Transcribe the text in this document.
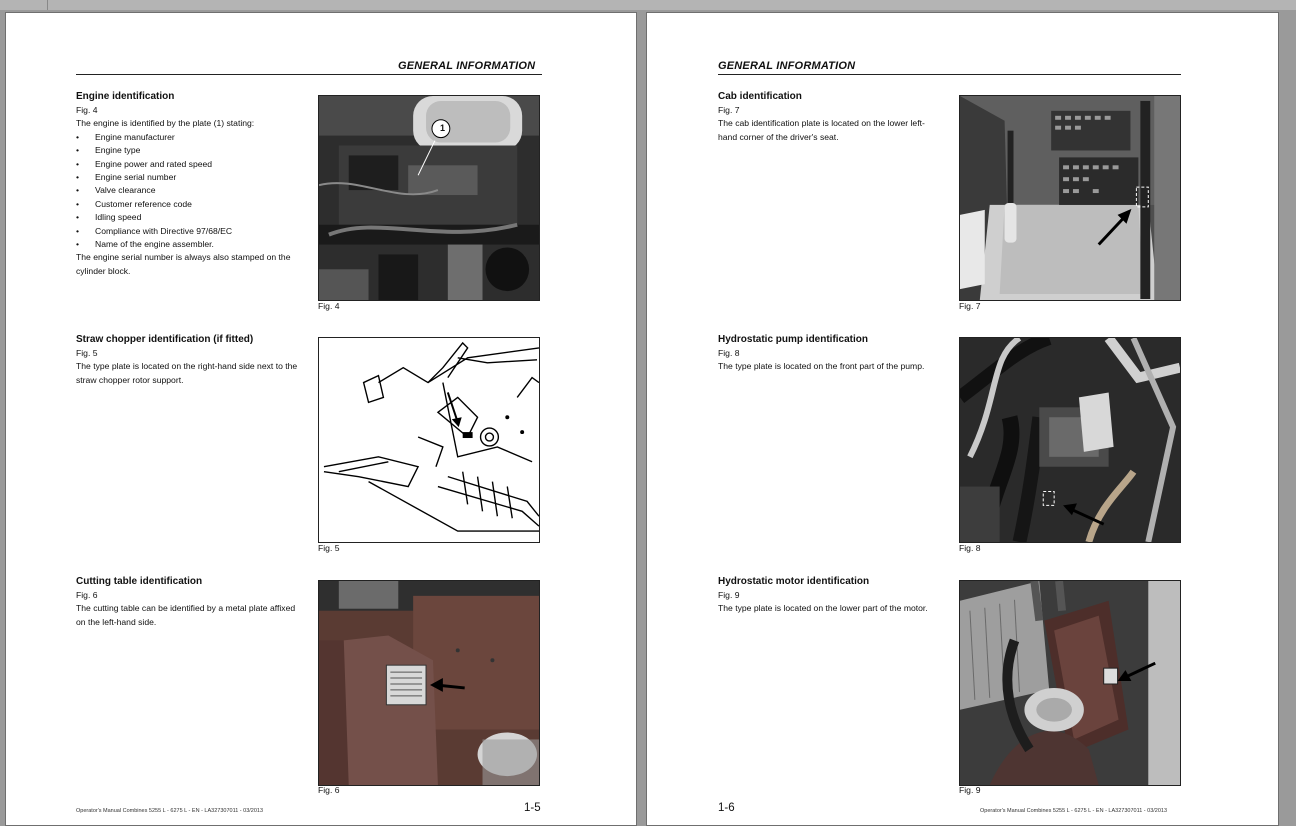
GENERAL INFORMATION
Engine identification
Fig. 4
The engine is identified by the plate (1) stating:
• Engine manufacturer
• Engine type
• Engine power and rated speed
• Engine serial number
• Valve clearance
• Customer reference code
• Idling speed
• Compliance with Directive 97/68/EC
• Name of the engine assembler.
The engine serial number is always also stamped on the cylinder block.
1
Fig. 4
Straw chopper identification (if fitted)
Fig. 5
The type plate is located on the right-hand side next to the straw chopper rotor support.
Fig. 5
Cutting table identification
Fig. 6
The cutting table can be identified by a metal plate affixed on the left-hand side.
Fig. 6
Operator's Manual Combines 5255 L - 6275 L - EN - LA327307011 - 03/2013	1-5
GENERAL INFORMATION
Cab identification
Fig. 7
The cab identification plate is located on the lower left-hand corner of the driver's seat.
Fig. 7
Hydrostatic pump identification
Fig. 8
The type plate is located on the front part of the pump.
Fig. 8
Hydrostatic motor identification
Fig. 9
The type plate is located on the lower part of the motor.
Fig. 9
1-6	Operator's Manual Combines 5255 L - 6275 L - EN - LA327307011 - 03/2013
